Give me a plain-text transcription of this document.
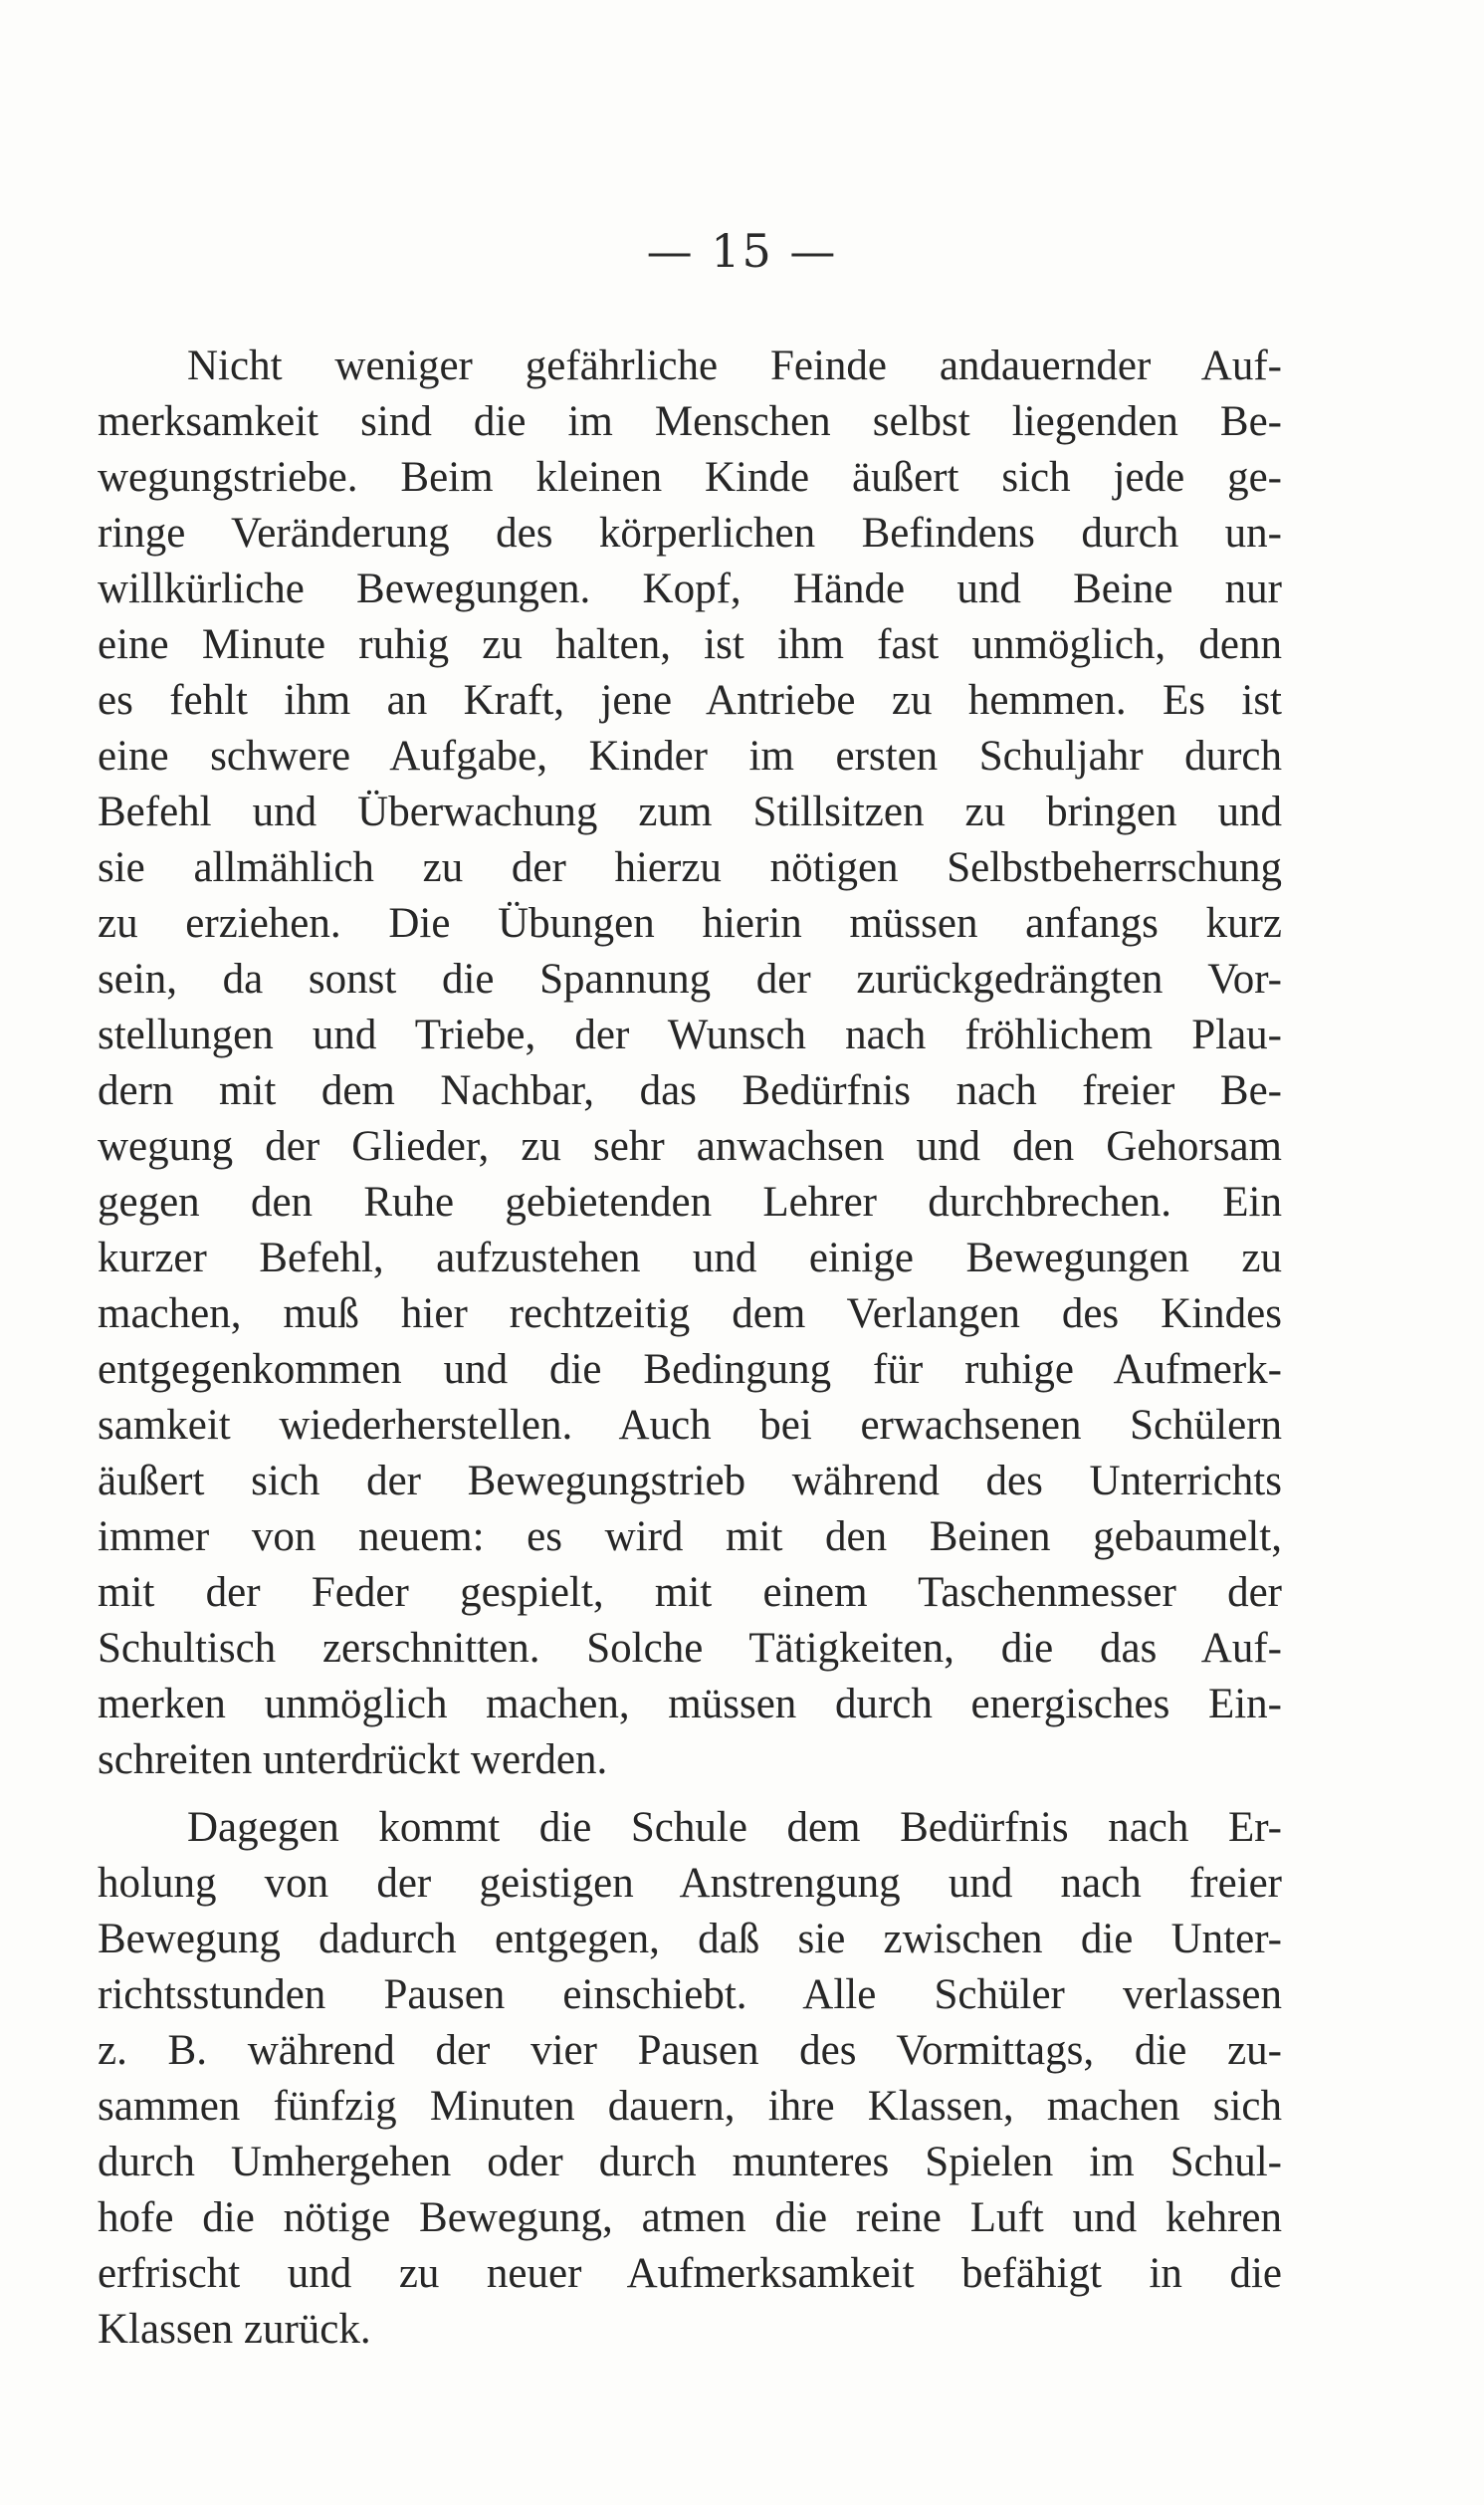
— 15 —
Nicht weniger gefährliche Feinde andauernder Auf-
merksamkeit sind die im Menschen selbst liegenden Be-
wegungstriebe. Beim kleinen Kinde äußert sich jede ge-
ringe Veränderung des körperlichen Befindens durch un-
willkürliche Bewegungen. Kopf, Hände und Beine nur
eine Minute ruhig zu halten, ist ihm fast unmöglich, denn
es fehlt ihm an Kraft, jene Antriebe zu hemmen. Es ist
eine schwere Aufgabe, Kinder im ersten Schuljahr durch
Befehl und Überwachung zum Stillsitzen zu bringen und
sie allmählich zu der hierzu nötigen Selbstbeherrschung
zu erziehen. Die Übungen hierin müssen anfangs kurz
sein, da sonst die Spannung der zurückgedrängten Vor-
stellungen und Triebe, der Wunsch nach fröhlichem Plau-
dern mit dem Nachbar, das Bedürfnis nach freier Be-
wegung der Glieder, zu sehr anwachsen und den Gehorsam
gegen den Ruhe gebietenden Lehrer durchbrechen. Ein
kurzer Befehl, aufzustehen und einige Bewegungen zu
machen, muß hier rechtzeitig dem Verlangen des Kindes
entgegenkommen und die Bedingung für ruhige Aufmerk-
samkeit wiederherstellen. Auch bei erwachsenen Schülern
äußert sich der Bewegungstrieb während des Unterrichts
immer von neuem: es wird mit den Beinen gebaumelt,
mit der Feder gespielt, mit einem Taschenmesser der
Schultisch zerschnitten. Solche Tätigkeiten, die das Auf-
merken unmöglich machen, müssen durch energisches Ein-
schreiten unterdrückt werden.
Dagegen kommt die Schule dem Bedürfnis nach Er-
holung von der geistigen Anstrengung und nach freier
Bewegung dadurch entgegen, daß sie zwischen die Unter-
richtsstunden Pausen einschiebt. Alle Schüler verlassen
z. B. während der vier Pausen des Vormittags, die zu-
sammen fünfzig Minuten dauern, ihre Klassen, machen sich
durch Umhergehen oder durch munteres Spielen im Schul-
hofe die nötige Bewegung, atmen die reine Luft und kehren
erfrischt und zu neuer Aufmerksamkeit befähigt in die
Klassen zurück.
